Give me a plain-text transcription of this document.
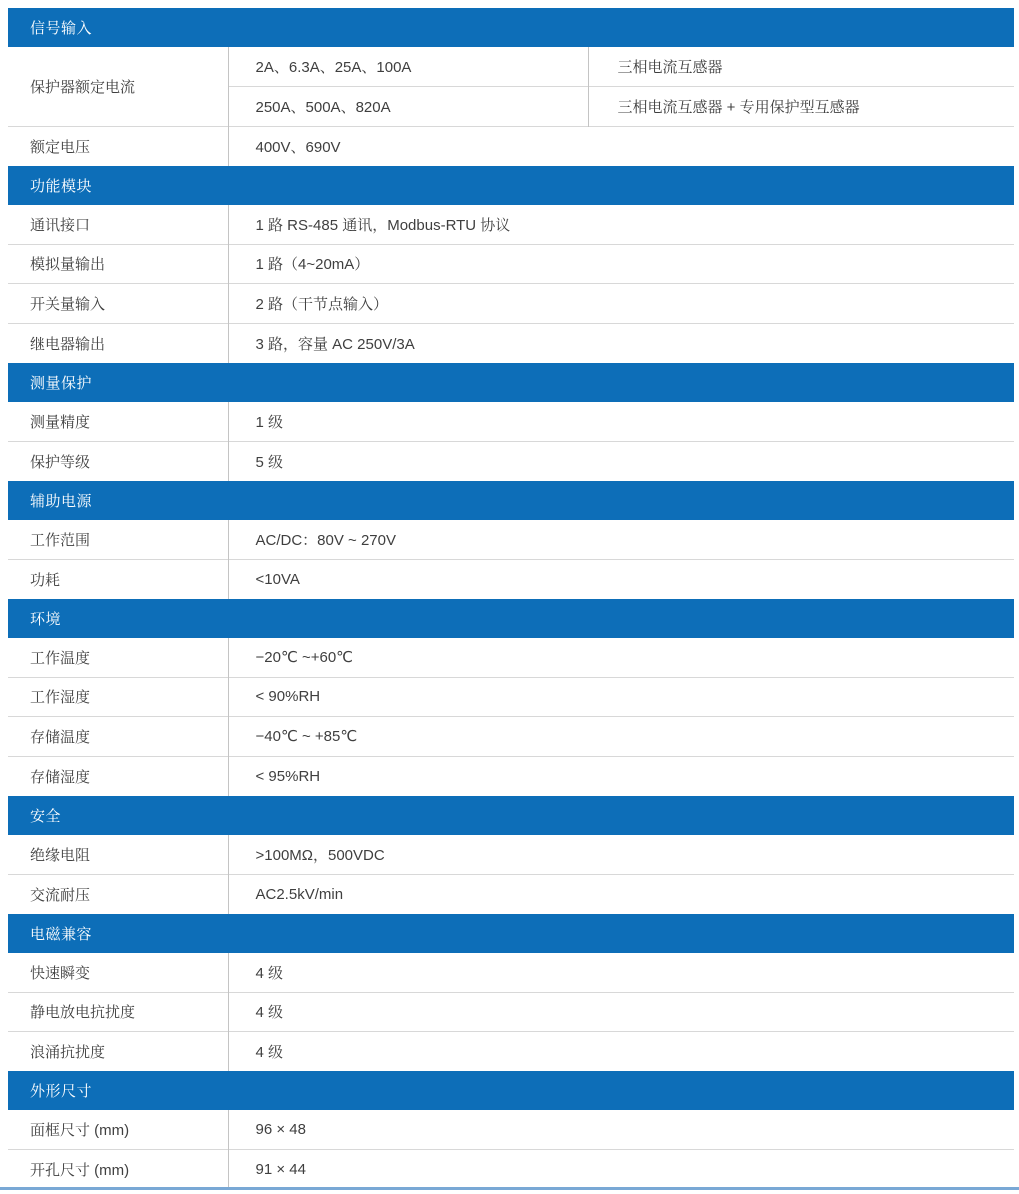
信号输入		
保护器额定电流	2A、6.3A、25A、100A	三相电流互感器
	250A、500A、820A	三相电流互感器 + 专用保护型互感器
额定电压	400V、690V	
功能模块		
通讯接口	1 路 RS-485 通讯，Modbus-RTU 协议	
模拟量输出	1 路（4~20mA）	
开关量输入	2 路（干节点输入）	
继电器输出	3 路，容量 AC 250V/3A	
测量保护		
测量精度	1 级	
保护等级	5 级	
辅助电源		
工作范围	AC/DC：80V ~ 270V	
功耗	<10VA	
环境		
工作温度	−20℃ ~+60℃	
工作湿度	< 90%RH	
存储温度	−40℃ ~ +85℃	
存储湿度	< 95%RH	
安全		
绝缘电阻	>100MΩ，500VDC	
交流耐压	AC2.5kV/min	
电磁兼容		
快速瞬变	4 级	
静电放电抗扰度	4 级	
浪涌抗扰度	4 级	
外形尺寸		
面框尺寸 (mm)	96 × 48	
开孔尺寸 (mm)	91 × 44	
